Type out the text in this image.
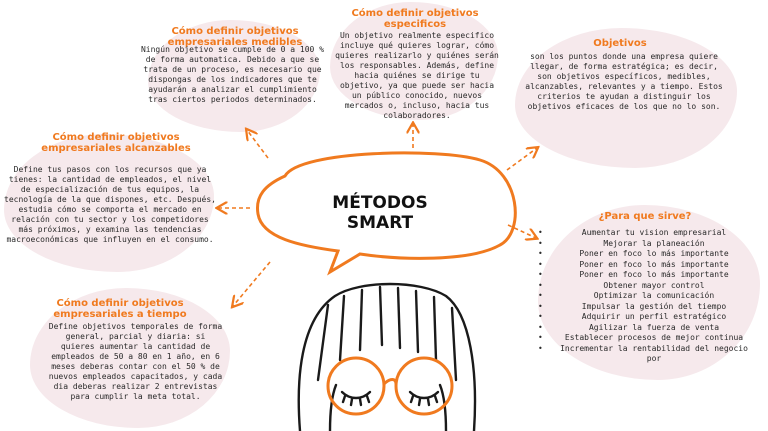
MÉTODOS SMART
Cómo definir objetivos empresariales medibles
Ningún objetivo se cumple de 0 a 100 % de forma automatica. Debido a que se trata de un proceso, es necesario que dispongas de los indicadores que te ayudarán a analizar el cumplimiento tras ciertos periodos determinados.
Cómo definir objetivos especificos
Un objetivo realmente especifico incluye qué quieres lograr, cómo quieres realizarlo y quiénes serán los responsables. Además, define hacia quiénes se dirige tu objetivo, ya que puede ser hacia un público conocido, nuevos mercados o, incluso, hacia tus colaboradores.
Objetivos
son los puntos donde una empresa quiere llegar, de forma estratégica; es decir, son objetivos específicos, medibles, alcanzables, relevantes y a tiempo. Estos criterios te ayudan a distinguir los objetivos eficaces de los que no lo son.
Cómo definir objetivos empresariales alcanzables
Define tus pasos con los recursos que ya tienes: la cantidad de empleados, el nivel de especialización de tus equipos, la tecnología de la que dispones, etc. Después, estudia cómo se comporta el mercado en relación con tu sector y los competidores más próximos, y examina las tendencias macroeconómicas que influyen en el consumo.
Cómo definir objetivos empresariales a tiempo
Define objetivos temporales de forma general, parcial y diaria: si quieres aumentar la cantidad de empleados de 50 a 80 en 1 año, en 6 meses deberas contar con el 50 % de nuevos empleados capacitados, y cada dia deberas realizar 2 entrevistas para cumplir la meta total.
¿Para que sirve?
• Aumentar tu vision empresarial
• Mejorar la planeación
• Poner en foco lo más importante
• Poner en foco lo más importante
• Poner en foco lo más importante
• Obtener mayor control
• Optimizar la comunicación
• Impulsar la gestión del tiempo
• Adquirir un perfil estratégico
• Agilizar la fuerza de venta
• Establecer procesos de mejor continua
• Incrementar la rentabilidad del negocio por
